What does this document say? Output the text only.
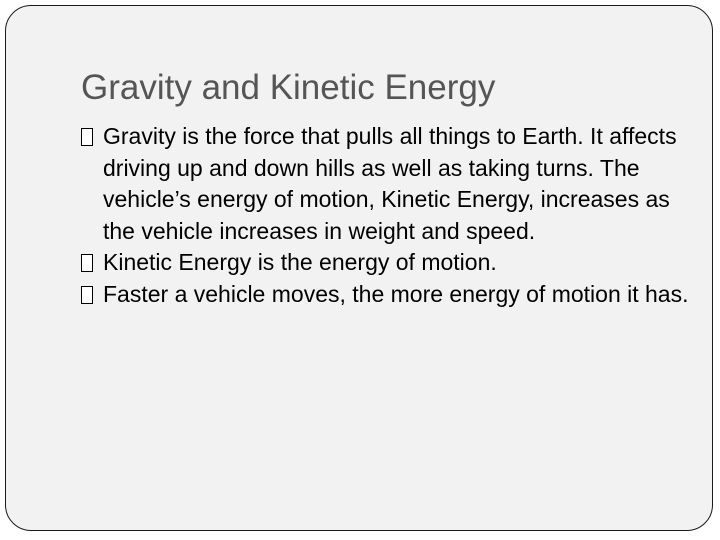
Gravity and Kinetic Energy
Gravity is the force that pulls all things to Earth. It affects driving up and down hills as well as taking turns. The vehicle’s energy of motion, Kinetic Energy, increases as the vehicle increases in weight and speed.
Kinetic Energy is the energy of motion.
Faster a vehicle moves, the more energy of motion it has.
